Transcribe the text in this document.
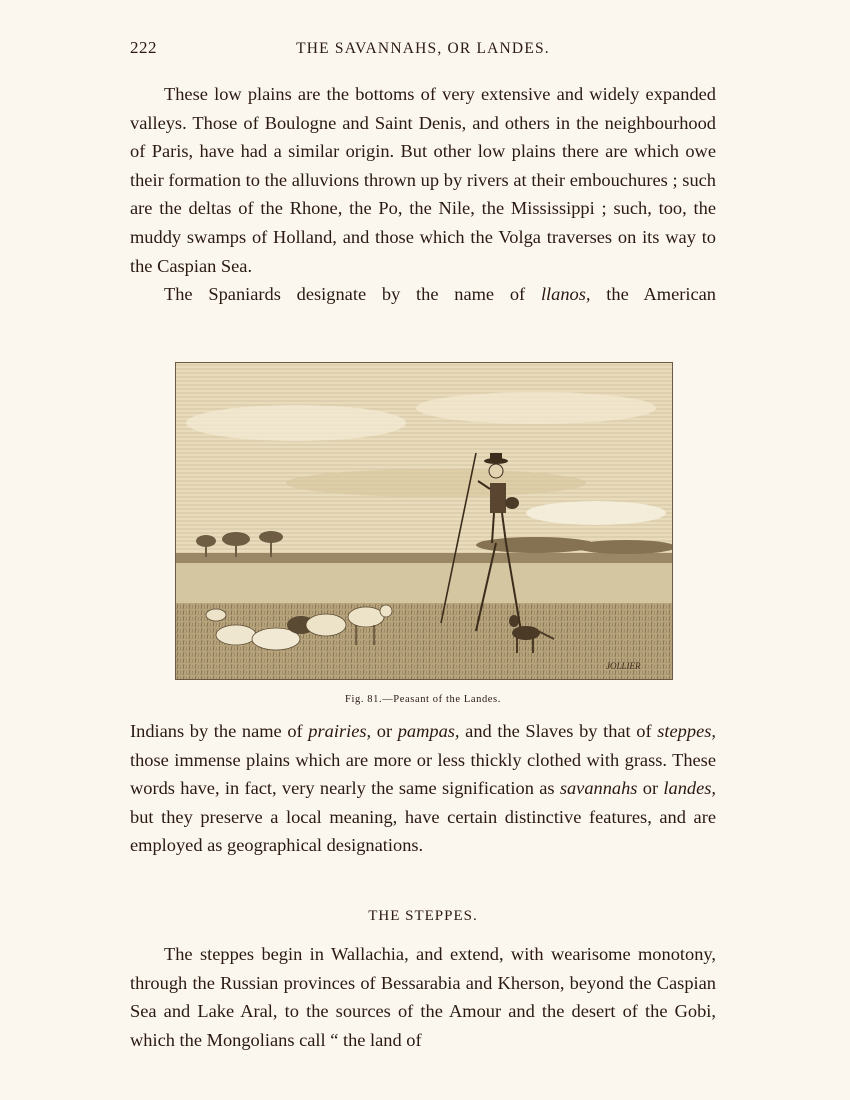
222	THE SAVANNAHS, OR LANDES.

These low plains are the bottoms of very extensive and widely expanded valleys. Those of Boulogne and Saint Denis, and others in the neighbourhood of Paris, have had a similar origin. But other low plains there are which owe their formation to the alluvions thrown up by rivers at their embouchures ; such are the deltas of the Rhone, the Po, the Nile, the Mississippi ; such, too, the muddy swamps of Holland, and those which the Volga traverses on its way to the Caspian Sea.

The Spaniards designate by the name of llanos, the American

JOLLIER
Fig. 81.—Peasant of the Landes.

Indians by the name of prairies, or pampas, and the Slaves by that of steppes, those immense plains which are more or less thickly clothed with grass. These words have, in fact, very nearly the same signification as savannahs or landes, but they preserve a local meaning, have certain distinctive features, and are employed as geographical designations.

THE STEPPES.

The steppes begin in Wallachia, and extend, with wearisome monotony, through the Russian provinces of Bessarabia and Kherson, beyond the Caspian Sea and Lake Aral, to the sources of the Amour and the desert of the Gobi, which the Mongolians call “ the land of
